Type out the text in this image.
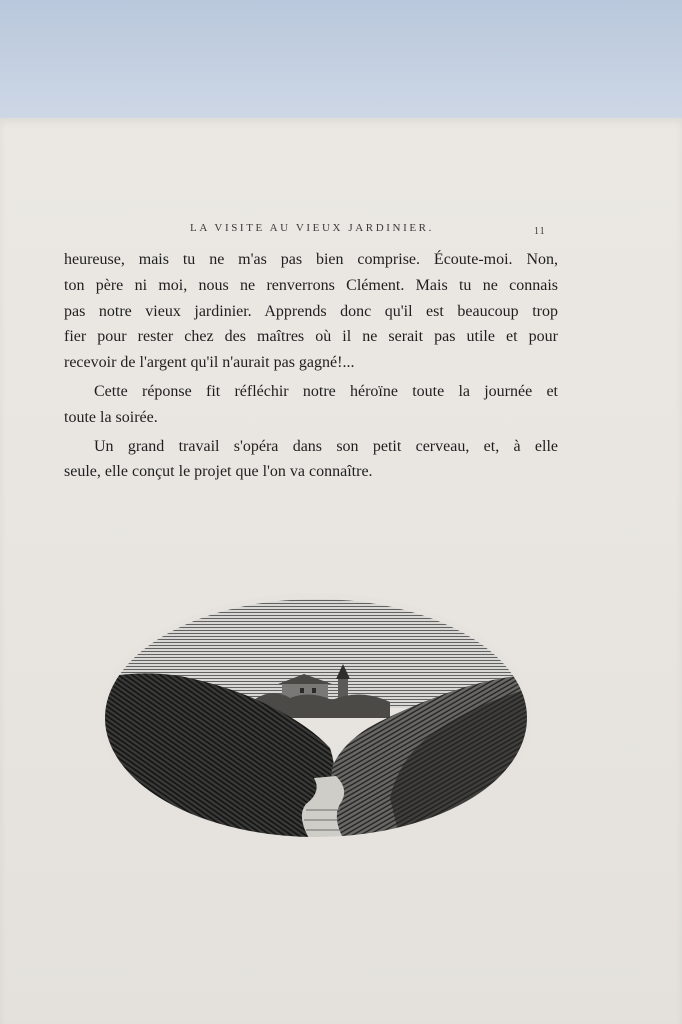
LA VISITE AU VIEUX JARDINIER.	11
heureuse, mais tu ne m'as pas bien comprise. Écoute-moi. Non,
ton père ni moi, nous ne renverrons Clément. Mais tu ne connais
pas notre vieux jardinier. Apprends donc qu'il est beaucoup trop
fier pour rester chez des maîtres où il ne serait pas utile et pour
recevoir de l'argent qu'il n'aurait pas gagné!...
Cette réponse fit réfléchir notre héroïne toute la journée et
toute la soirée.
Un grand travail s'opéra dans son petit cerveau, et, à elle
seule, elle conçut le projet que l'on va connaître.
